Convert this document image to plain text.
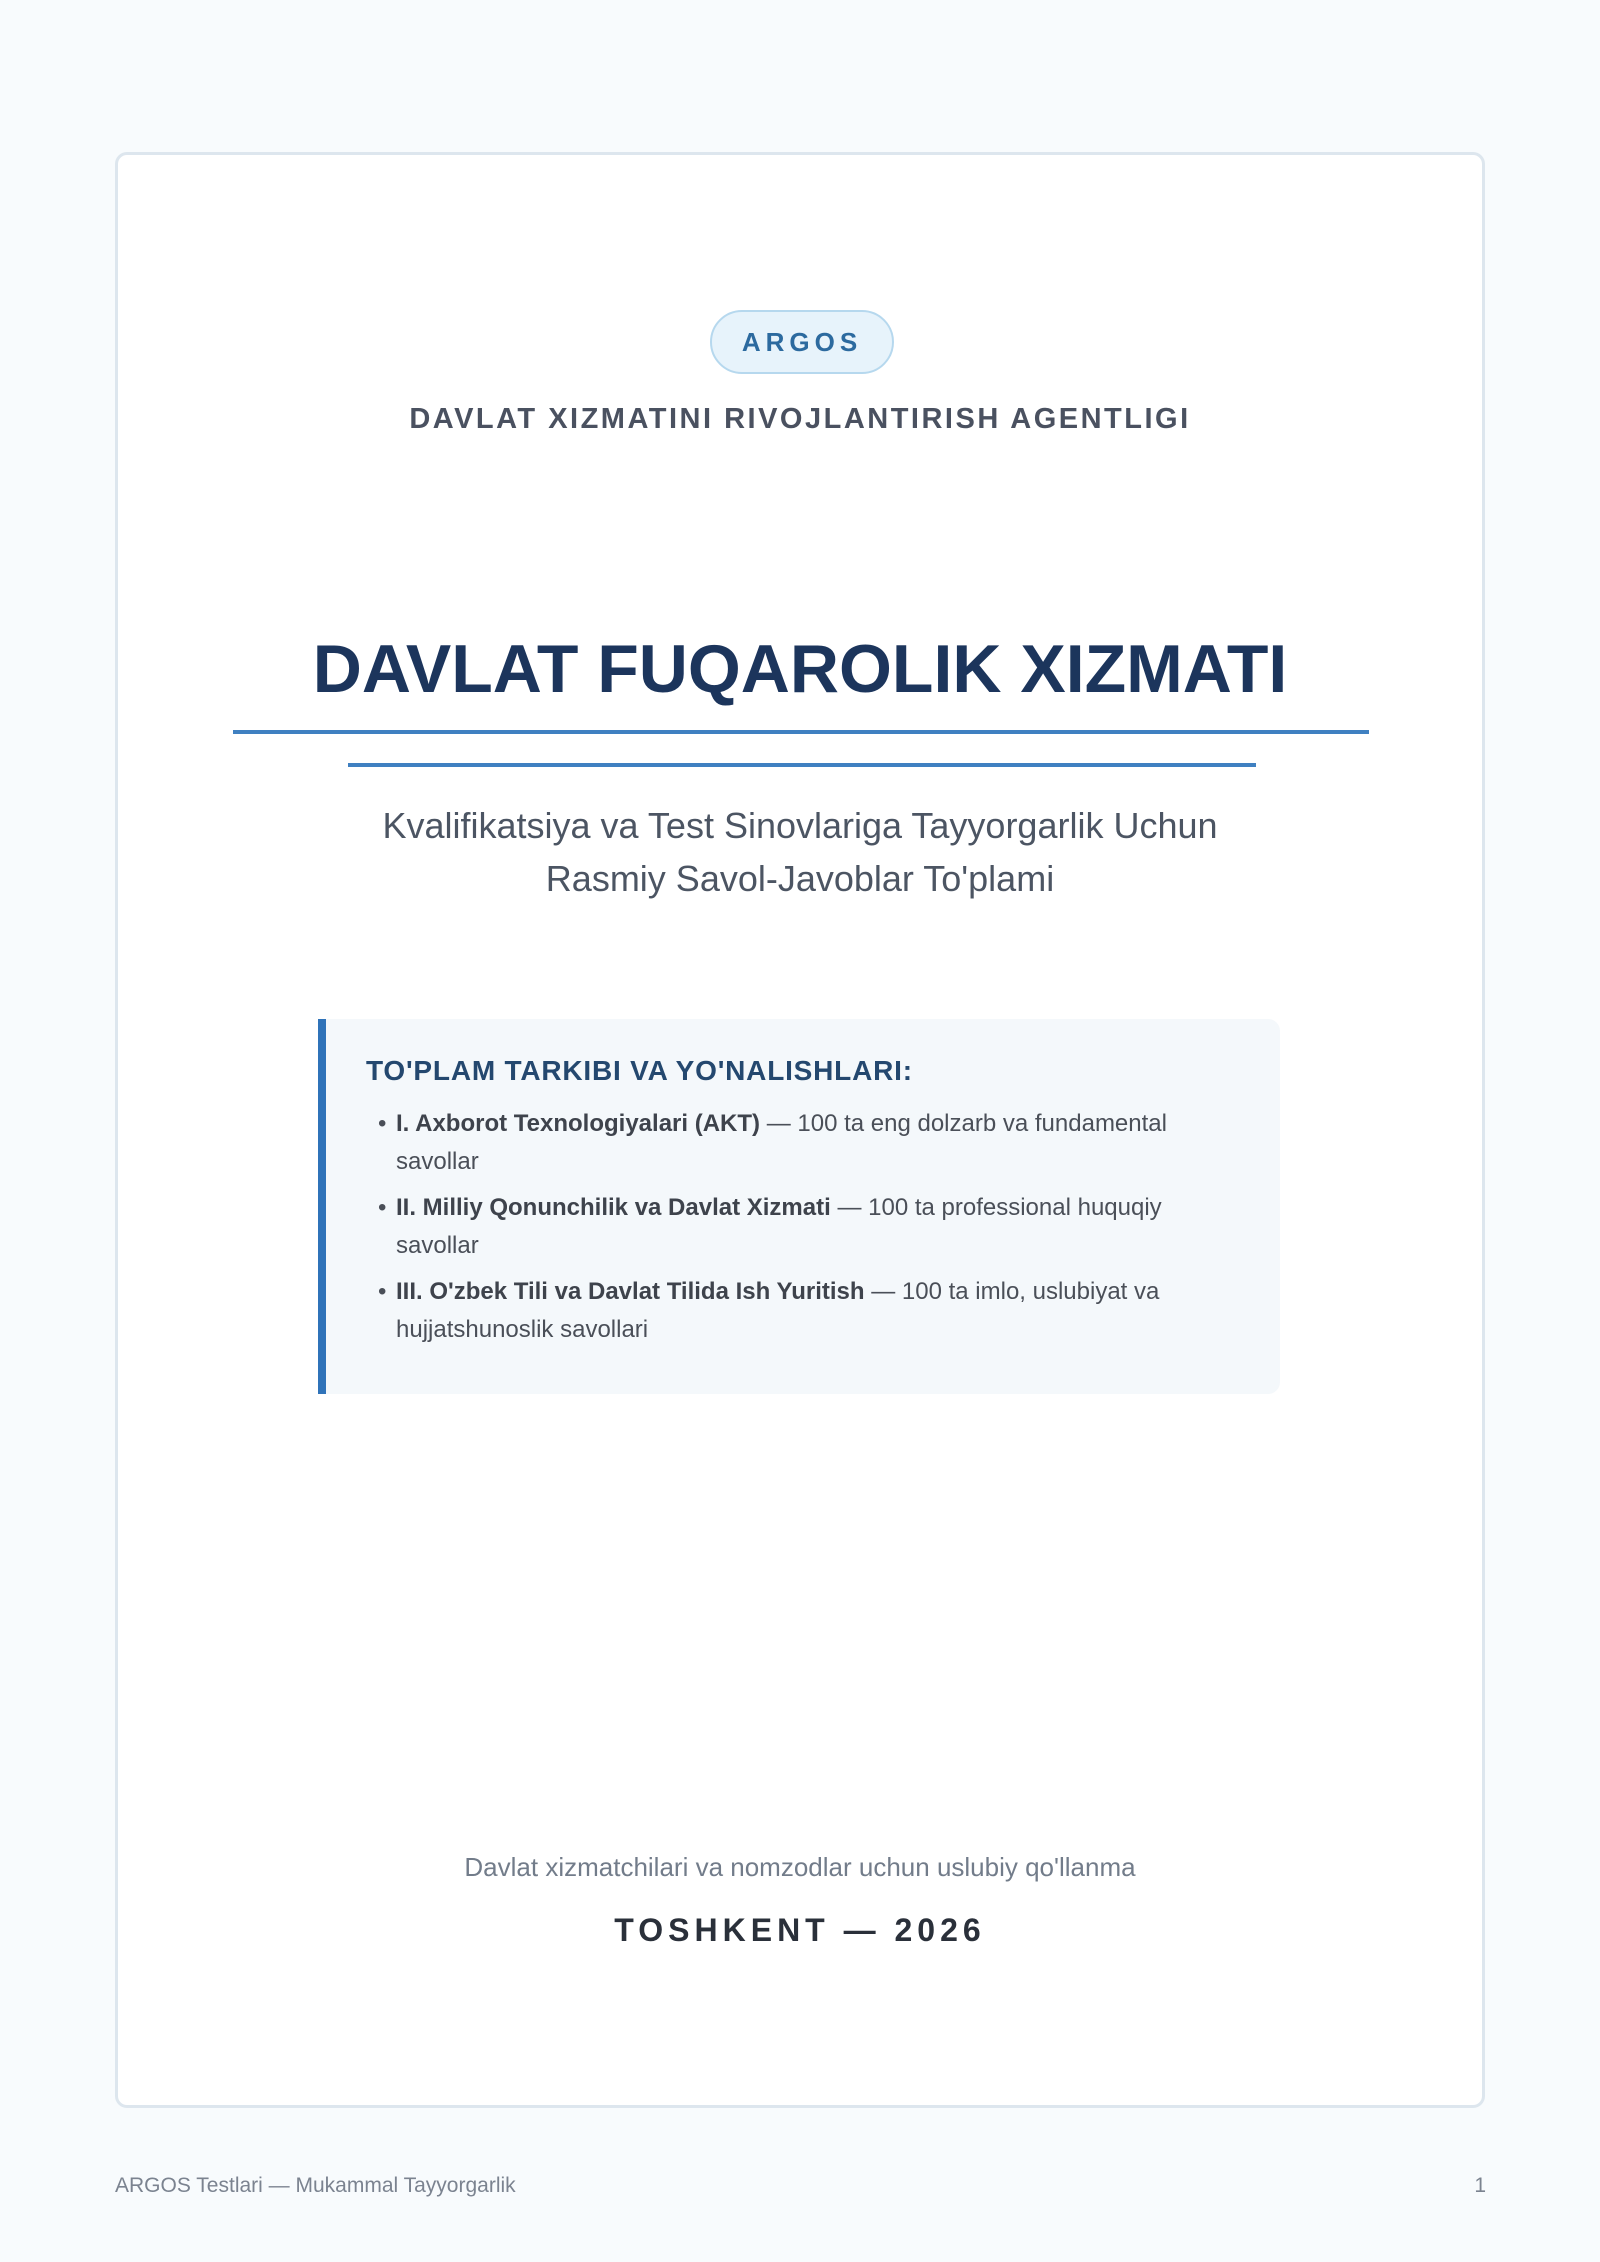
ARGOS
DAVLAT XIZMATINI RIVOJLANTIRISH AGENTLIGI
Kvalifikatsiya va Test Sinovlariga Tayyorgarlik Uchun
Rasmiy Savol-Javoblar To'plami
TO'PLAM TARKIBI VA YO'NALISHLARI:
• I. Axborot Texnologiyalari (AKT) — 100 ta eng dolzarb va fundamental savollar
• II. Milliy Qonunchilik va Davlat Xizmati — 100 ta professional huquqiy savollar
• III. O'zbek Tili va Davlat Tilida Ish Yuritish — 100 ta imlo, uslubiyat va hujjatshunoslik savollari
Davlat xizmatchilari va nomzodlar uchun uslubiy qo'llanma
TOSHKENT — 2026
DAVLAT FUQAROLIK XIZMATI
ARGOS Testlari — Mukammal Tayyorgarlik	1
